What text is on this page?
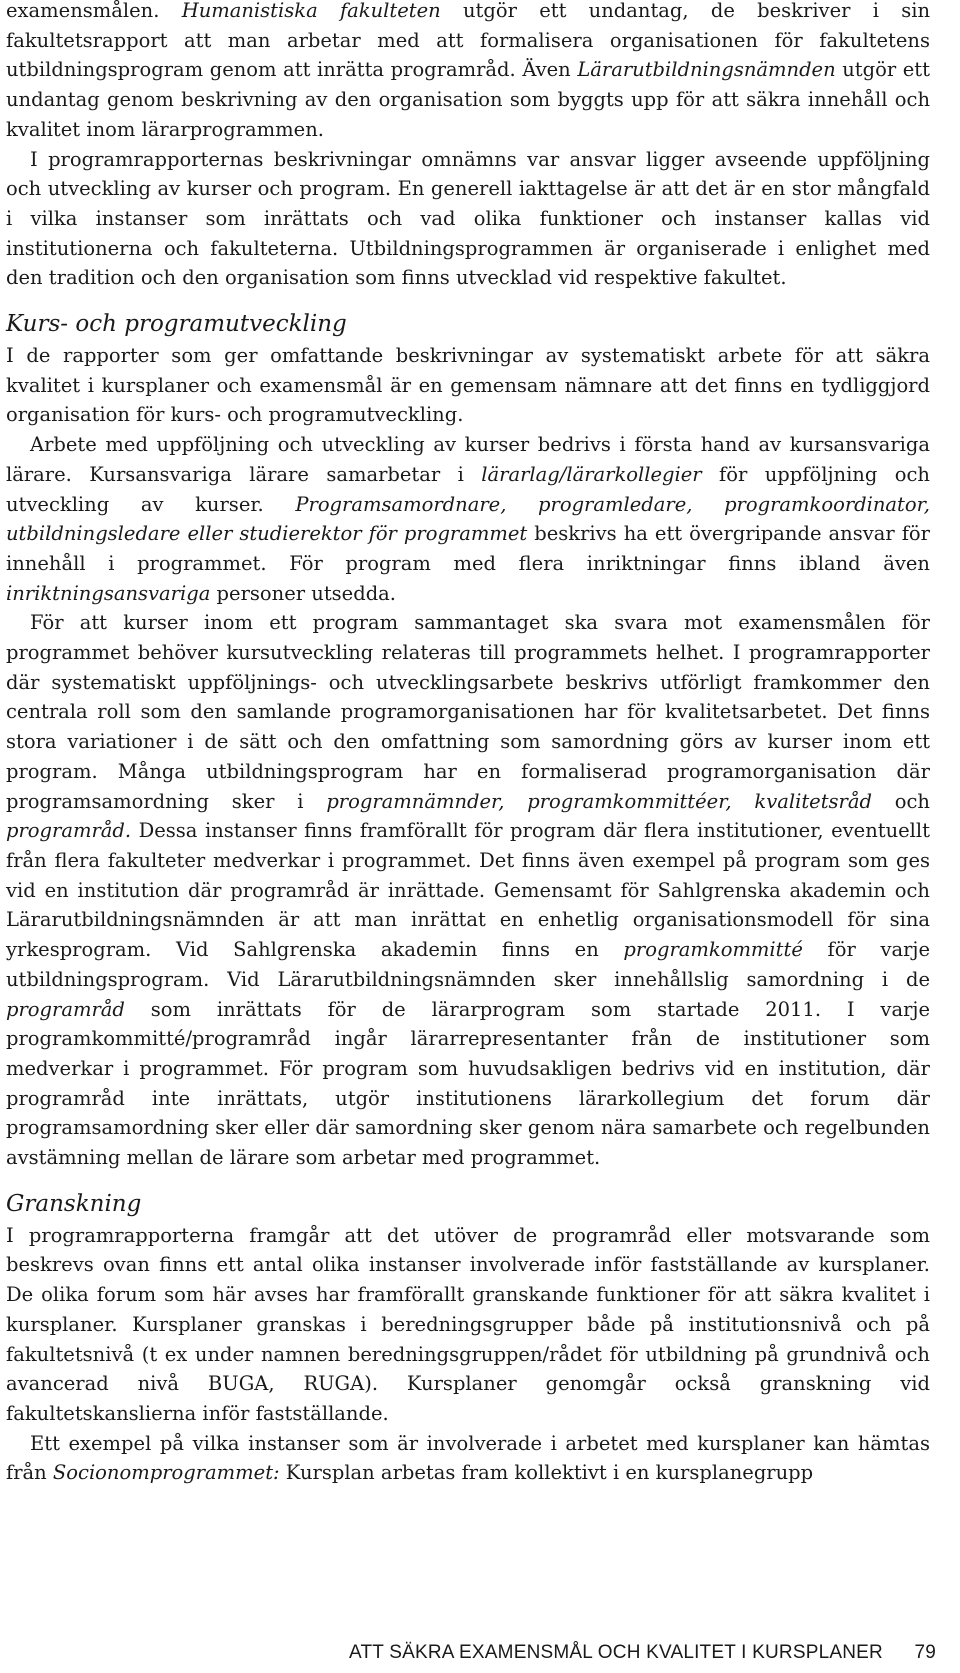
examensmålen. Humanistiska fakulteten utgör ett undantag, de beskriver i sin fakultetsrapport att man arbetar med att formalisera organisationen för fakultetens utbildningsprogram genom att inrätta programråd. Även Lärarutbildningsnämnden utgör ett undantag genom beskrivning av den organisation som byggts upp för att säkra innehåll och kvalitet inom lärarprogrammen.

I programrapporternas beskrivningar omnämns var ansvar ligger avseende uppföljning och utveckling av kurser och program. En generell iakttagelse är att det är en stor mångfald i vilka instanser som inrättats och vad olika funktioner och instanser kallas vid institutionerna och fakulteterna. Utbildningsprogrammen är organiserade i enlighet med den tradition och den organisation som finns utvecklad vid respektive fakultet.

Kurs- och programutveckling

I de rapporter som ger omfattande beskrivningar av systematiskt arbete för att säkra kvalitet i kursplaner och examensmål är en gemensam nämnare att det finns en tydliggjord organisation för kurs- och programutveckling.

Arbete med uppföljning och utveckling av kurser bedrivs i första hand av kursansvariga lärare. Kursansvariga lärare samarbetar i lärarlag/lärarkollegier för uppföljning och utveckling av kurser. Programsamordnare, programledare, programkoordinator, utbildningsledare eller studierektor för programmet beskrivs ha ett övergripande ansvar för innehåll i programmet. För program med flera inriktningar finns ibland även inriktningsansvariga personer utsedda.

För att kurser inom ett program sammantaget ska svara mot examensmålen för programmet behöver kursutveckling relateras till programmets helhet. I programrapporter där systematiskt uppföljnings- och utvecklingsarbete beskrivs utförligt framkommer den centrala roll som den samlande programorganisationen har för kvalitetsarbetet. Det finns stora variationer i de sätt och den omfattning som samordning görs av kurser inom ett program. Många utbildningsprogram har en formaliserad programorganisation där programsamordning sker i programnämnder, programkommittéer, kvalitetsråd och programråd. Dessa instanser finns framförallt för program där flera institutioner, eventuellt från flera fakulteter medverkar i programmet. Det finns även exempel på program som ges vid en institution där programråd är inrättade. Gemensamt för Sahlgrenska akademin och Lärarutbildningsnämnden är att man inrättat en enhetlig organisationsmodell för sina yrkesprogram. Vid Sahlgrenska akademin finns en programkommitté för varje utbildningsprogram. Vid Lärarutbildningsnämnden sker innehållslig samordning i de programråd som inrättats för de lärarprogram som startade 2011. I varje programkommitté/programråd ingår lärarrepresentanter från de institutioner som medverkar i programmet. För program som huvudsakligen bedrivs vid en institution, där programråd inte inrättats, utgör institutionens lärarkollegium det forum där programsamordning sker eller där samordning sker genom nära samarbete och regelbunden avstämning mellan de lärare som arbetar med programmet.

Granskning

I programrapporterna framgår att det utöver de programråd eller motsvarande som beskrevs ovan finns ett antal olika instanser involverade inför fastställande av kursplaner. De olika forum som här avses har framförallt granskande funktioner för att säkra kvalitet i kursplaner. Kursplaner granskas i beredningsgrupper både på institutionsnivå och på fakultetsnivå (t ex under namnen beredningsgruppen/rådet för utbildning på grundnivå och avancerad nivå BUGA, RUGA). Kursplaner genomgår också granskning vid fakultetskanslierna inför fastställande.

Ett exempel på vilka instanser som är involverade i arbetet med kursplaner kan hämtas från Socionomprogrammet: Kursplan arbetas fram kollektivt i en kursplanegrupp

ATT SÄKRA EXAMENSMÅL OCH KVALITET I KURSPLANER 79
